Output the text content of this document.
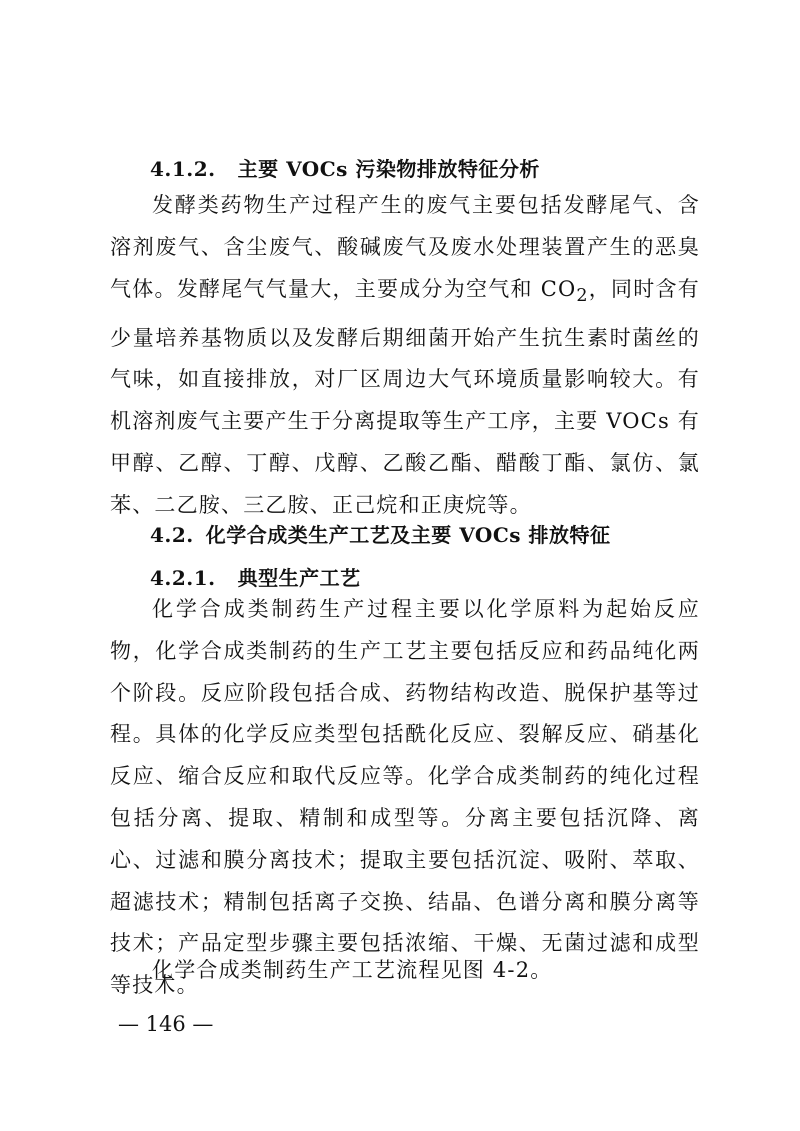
4.1.2. 主要 VOCs 污染物排放特征分析

发酵类药物生产过程产生的废气主要包括发酵尾气、含溶剂废气、含尘废气、酸碱废气及废水处理装置产生的恶臭气体。发酵尾气气量大，主要成分为空气和 $CO_2$，同时含有少量培养基物质以及发酵后期细菌开始产生抗生素时菌丝的气味，如直接排放，对厂区周边大气环境质量影响较大。有机溶剂废气主要产生于分离提取等生产工序，主要 VOCs 有甲醇、乙醇、丁醇、戊醇、乙酸乙酯、醋酸丁酯、氯仿、氯苯、二乙胺、三乙胺、正己烷和正庚烷等。

4.2. 化学合成类生产工艺及主要 VOCs 排放特征
4.2.1. 典型生产工艺

化学合成类制药生产过程主要以化学原料为起始反应物，化学合成类制药的生产工艺主要包括反应和药品纯化两个阶段。反应阶段包括合成、药物结构改造、脱保护基等过程。具体的化学反应类型包括酰化反应、裂解反应、硝基化反应、缩合反应和取代反应等。化学合成类制药的纯化过程包括分离、提取、精制和成型等。分离主要包括沉降、离心、过滤和膜分离技术；提取主要包括沉淀、吸附、萃取、超滤技术；精制包括离子交换、结晶、色谱分离和膜分离等技术；产品定型步骤主要包括浓缩、干燥、无菌过滤和成型等技术。

化学合成类制药生产工艺流程见图 4-2。

— 146 —
